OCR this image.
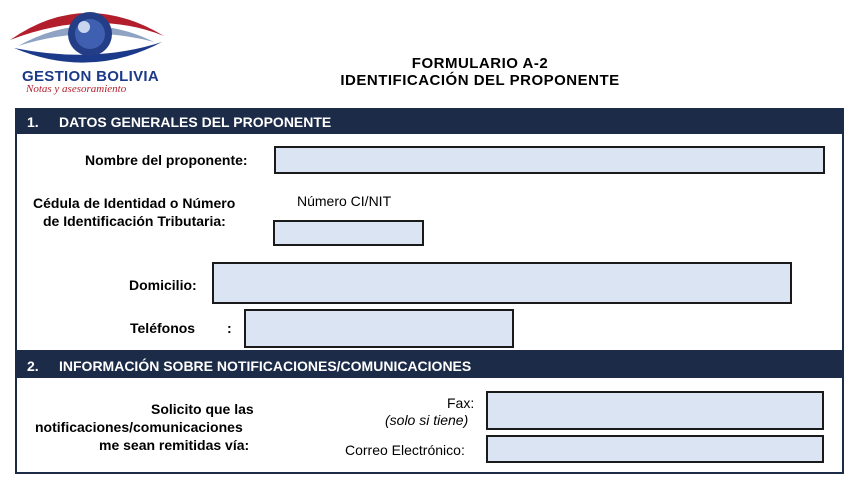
GESTION BOLIVIA
Notas y asesoramiento
FORMULARIO A-2
IDENTIFICACIÓN DEL PROPONENTE
1. DATOS GENERALES DEL PROPONENTE
Nombre del proponente:
Cédula de Identidad o Número
de Identificación Tributaria:
Número CI/NIT
Domicilio:
Teléfonos :
2. INFORMACIÓN SOBRE NOTIFICACIONES/COMUNICACIONES
Solicito que las
notificaciones/comunicaciones
me sean remitidas vía:
Fax:
(solo si tiene)
Correo Electrónico:
